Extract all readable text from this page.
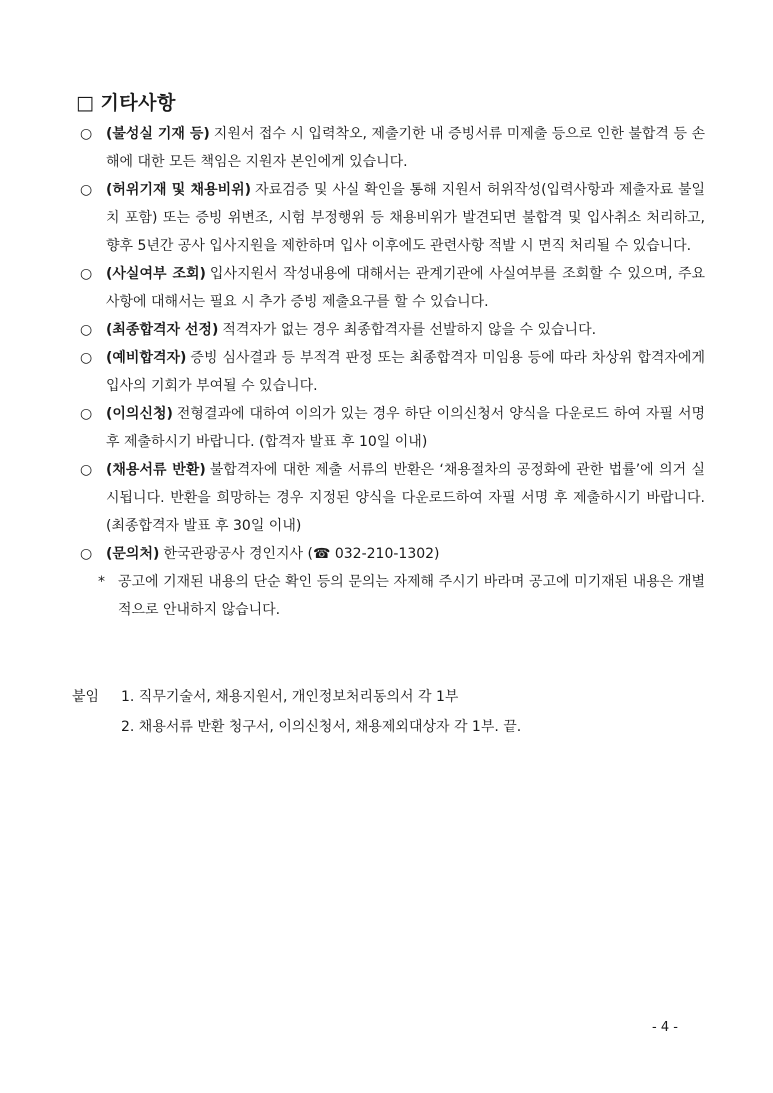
□ 기타사항

○ (불성실 기재 등) 지원서 접수 시 입력착오, 제출기한 내 증빙서류 미제출 등으로 인한 불합격 등 손해에 대한 모든 책임은 지원자 본인에게 있습니다.

○ (허위기재 및 채용비위) 자료검증 및 사실 확인을 통해 지원서 허위작성(입력사항과 제출자료 불일치 포함) 또는 증빙 위변조, 시험 부정행위 등 채용비위가 발견되면 불합격 및 입사취소 처리하고, 향후 5년간 공사 입사지원을 제한하며 입사 이후에도 관련사항 적발 시 면직 처리될 수 있습니다.

○ (사실여부 조회) 입사지원서 작성내용에 대해서는 관계기관에 사실여부를 조회할 수 있으며, 주요사항에 대해서는 필요 시 추가 증빙 제출요구를 할 수 있습니다.

○ (최종합격자 선정) 적격자가 없는 경우 최종합격자를 선발하지 않을 수 있습니다.

○ (예비합격자) 증빙 심사결과 등 부적격 판정 또는 최종합격자 미임용 등에 따라 차상위 합격자에게 입사의 기회가 부여될 수 있습니다.

○ (이의신청) 전형결과에 대하여 이의가 있는 경우 하단 이의신청서 양식을 다운로드 하여 자필 서명 후 제출하시기 바랍니다. (합격자 발표 후 10일 이내)

○ (채용서류 반환) 불합격자에 대한 제출 서류의 반환은 ‘채용절차의 공정화에 관한 법률’에 의거 실시됩니다. 반환을 희망하는 경우 지정된 양식을 다운로드하여 자필 서명 후 제출하시기 바랍니다. (최종합격자 발표 후 30일 이내)

○ (문의처) 한국관광공사 경인지사 (☎ 032-210-1302)

* 공고에 기재된 내용의 단순 확인 등의 문의는 자제해 주시기 바라며 공고에 미기재된 내용은 개별적으로 안내하지 않습니다.

붙임 1. 직무기술서, 채용지원서, 개인정보처리동의서 각 1부
2. 채용서류 반환 청구서, 이의신청서, 채용제외대상자 각 1부. 끝.
- 4 -
